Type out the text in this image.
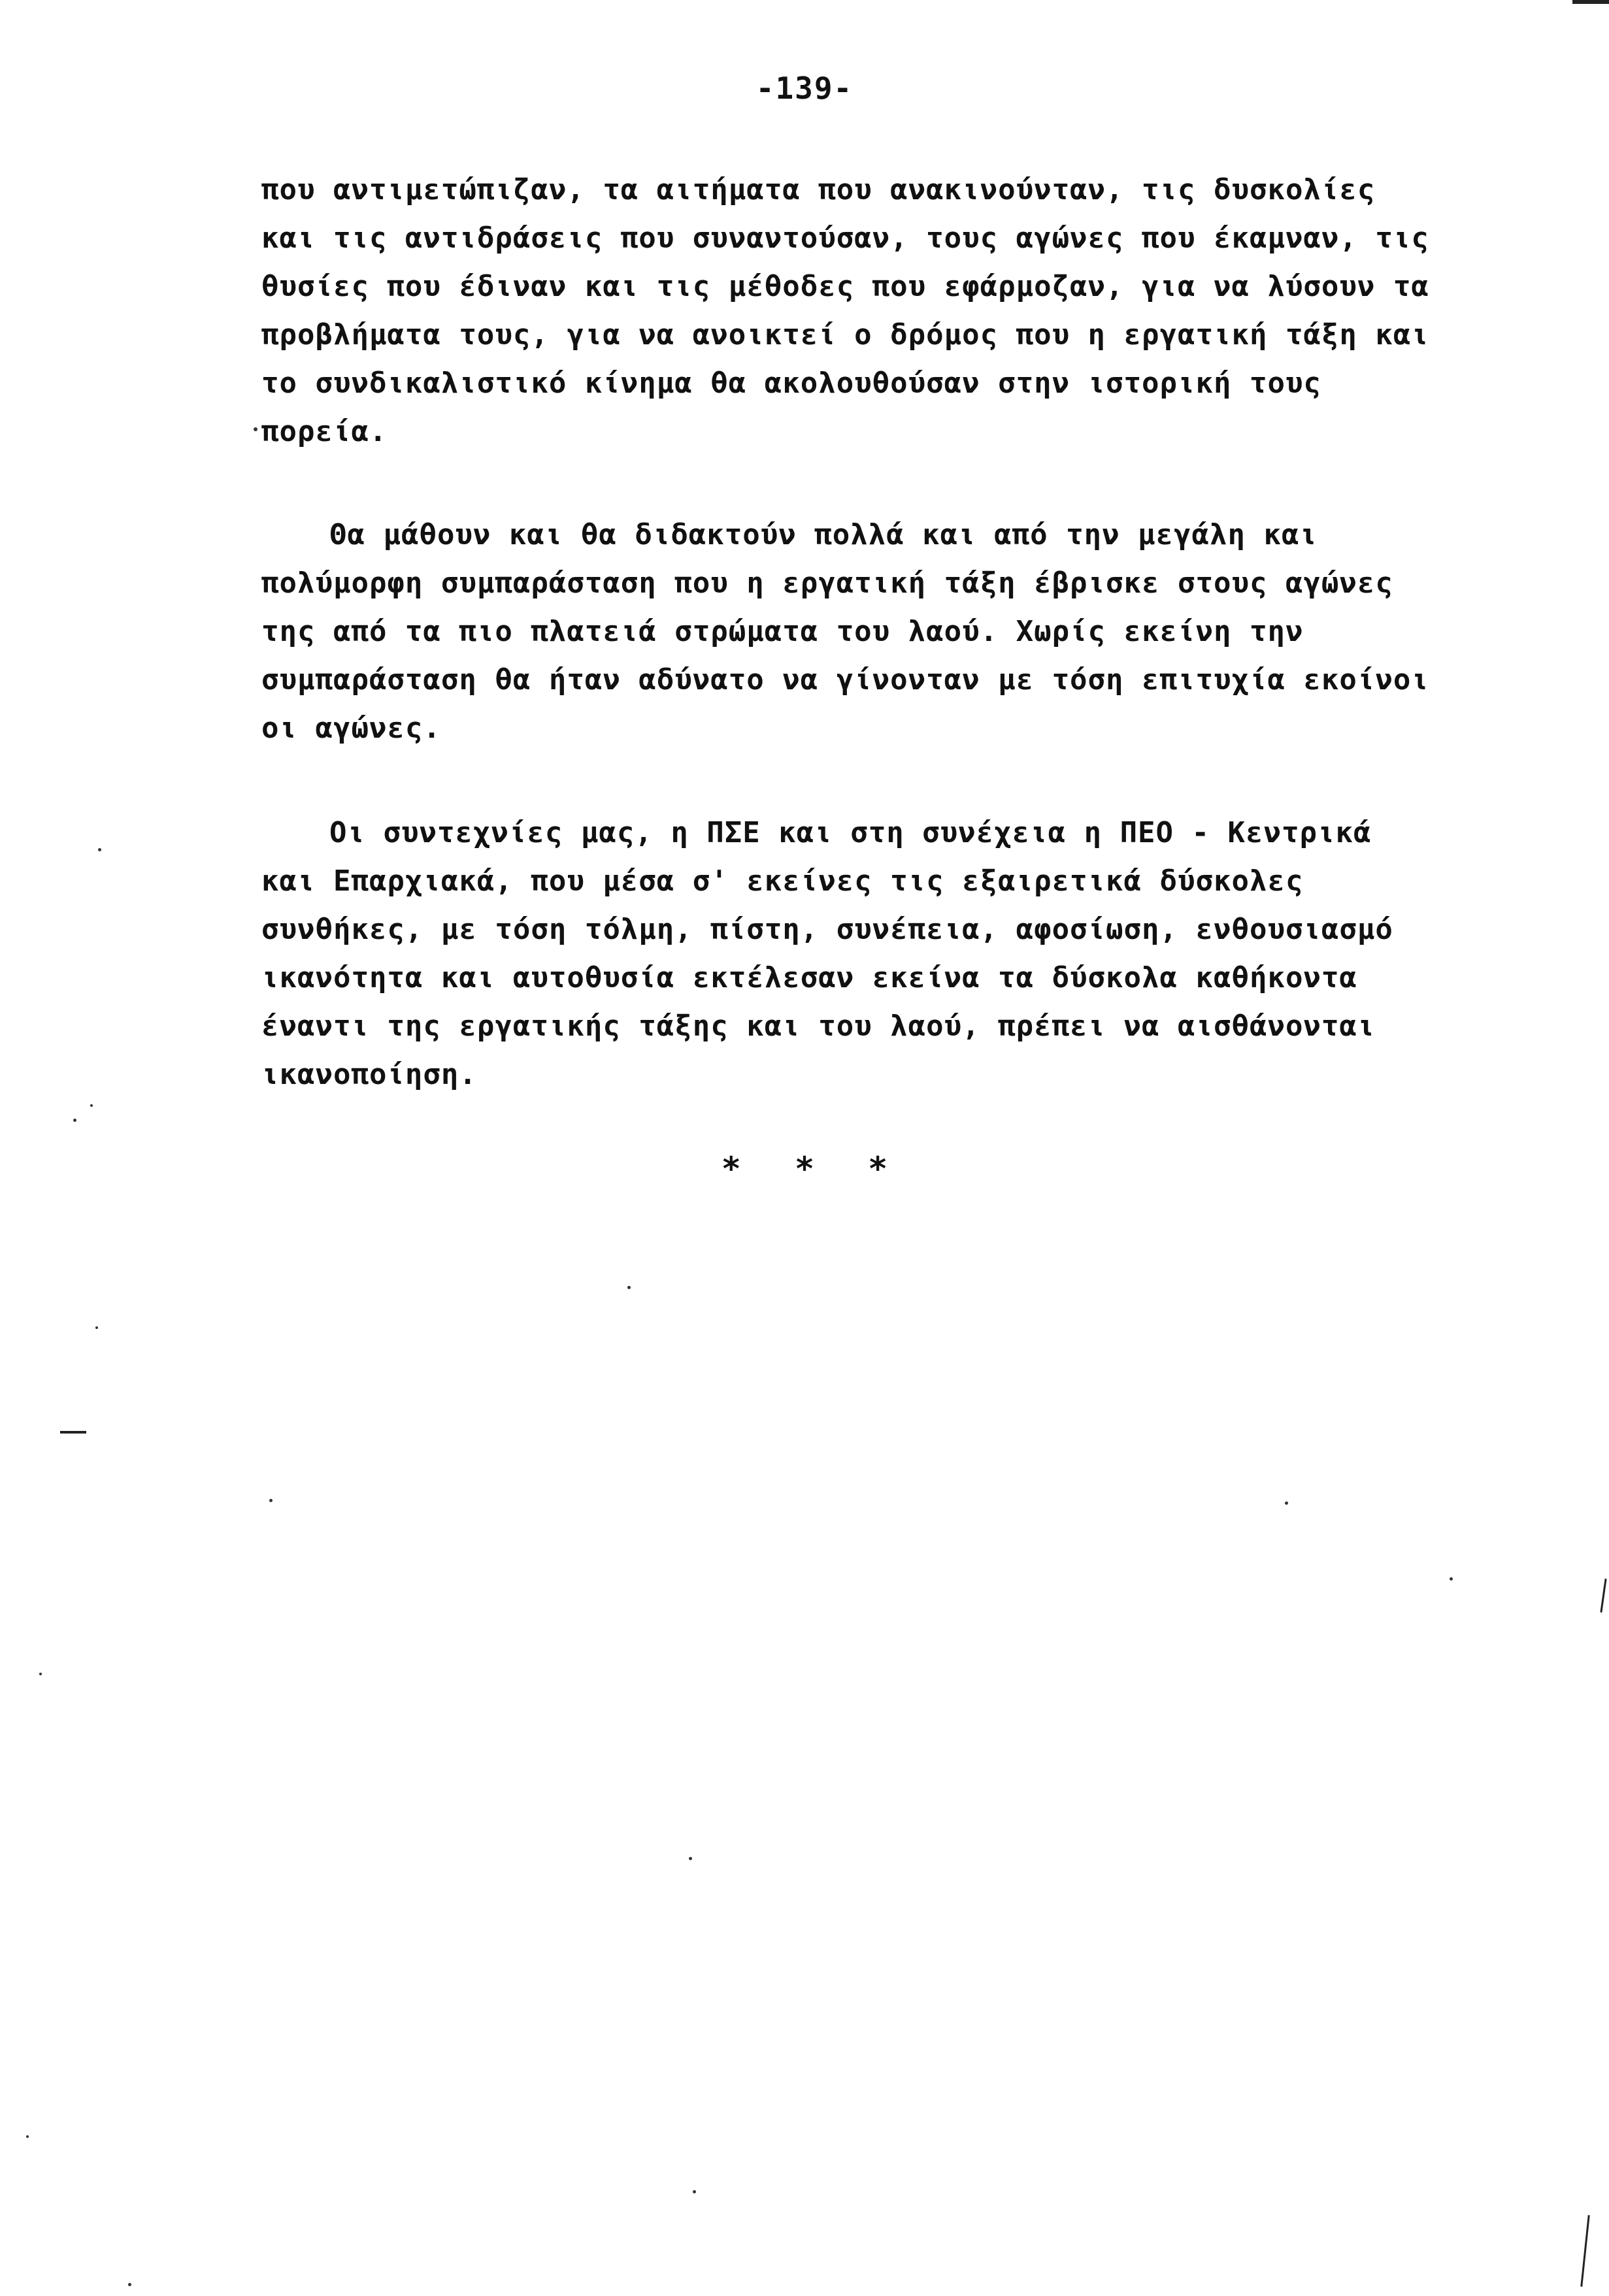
-139-
που αντιμετώπιζαν, τα αιτήματα που ανακινούνταν, τις δυσκολίες
και τις αντιδράσεις που συναντούσαν, τους αγώνες που έκαμναν, τις
θυσίες που έδιναν και τις μέθοδες που εφάρμοζαν, για να λύσουν τα
προβλήματα τους, για να ανοικτεί ο δρόμος που η εργατική τάξη και
το συνδικαλιστικό κίνημα θα ακολουθούσαν στην ιστορική τους
πορεία.
Θα μάθουν και θα διδακτούν πολλά και από την μεγάλη και
πολύμορφη συμπαράσταση που η εργατική τάξη έβρισκε στους αγώνες
της από τα πιο πλατειά στρώματα του λαού. Χωρίς εκείνη την
συμπαράσταση θα ήταν αδύνατο να γίνονταν με τόση επιτυχία εκοίνοι
οι αγώνες.
Οι συντεχνίες μας, η ΠΣΕ και στη συνέχεια η ΠΕΟ - Κεντρικά
και Επαρχιακά, που μέσα σ' εκείνες τις εξαιρετικά δύσκολες
συνθήκες, με τόση τόλμη, πίστη, συνέπεια, αφοσίωση, ενθουσιασμό
ικανότητα και αυτοθυσία εκτέλεσαν εκείνα τα δύσκολα καθήκοντα
έναντι της εργατικής τάξης και του λαού, πρέπει να αισθάνονται
ικανοποίηση.
* * *
